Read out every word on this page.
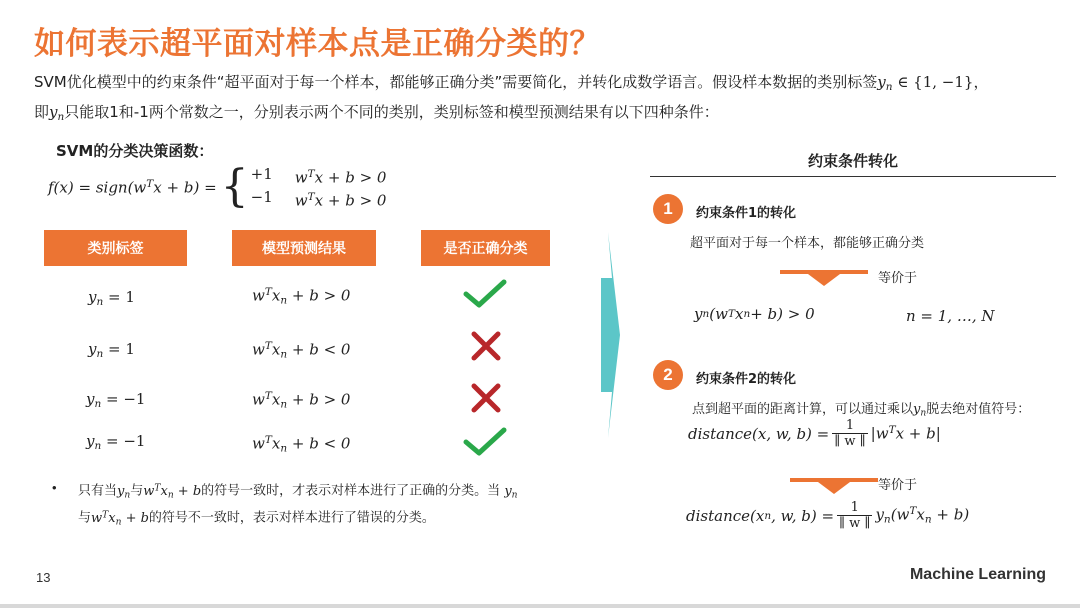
如何表示超平面对样本点是正确分类的？
SVM优化模型中的约束条件“超平面对于每一个样本，都能够正确分类”需要简化，并转化成数学语言。假设样本数据的类别标签$y_n$ ∈ {1, −1}，
即$y_n$只能取1和-1两个常数之一，分别表示两个不同的类别，类别标签和模型预测结果有以下四种条件：
SVM的分类决策函数：
$f(x) = sign(w^Tx + b)$ = { +1 $w^Tx + b > 0$
−1 $w^Tx + b > 0$
类别标签	模型预测结果	是否正确分类
$y_n = 1$	$w^Tx_n + b > 0$
$y_n = 1$	$w^Tx_n + b < 0$
$y_n = -1$	$w^Tx_n + b > 0$
$y_n = -1$	$w^Tx_n + b < 0$
• 只有当$y_n$与$w^Tx_n + b$的符号一致时，才表示对样本进行了正确的分类。当 $y_n$
与$w^Tx_n + b$的符号不一致时，表示对样本进行了错误的分类。
约束条件转化
1	约束条件1的转化
超平面对于每一个样本，都能够正确分类
等价于
y n (w T x n + b) > 0	n = 1, …, N
2	约束条件2的转化
点到超平面的距离计算，可以通过乘以$y_n$脱去绝对值符号：
distance(x, w, $b) = \frac{1}{\parallel w \parallel} |w^Tx + b|$
等价于
distance(x n , w, $b) = \frac{1}{\parallel w \parallel} y_n(w^Tx_n + b)$
13	Machine Learning
